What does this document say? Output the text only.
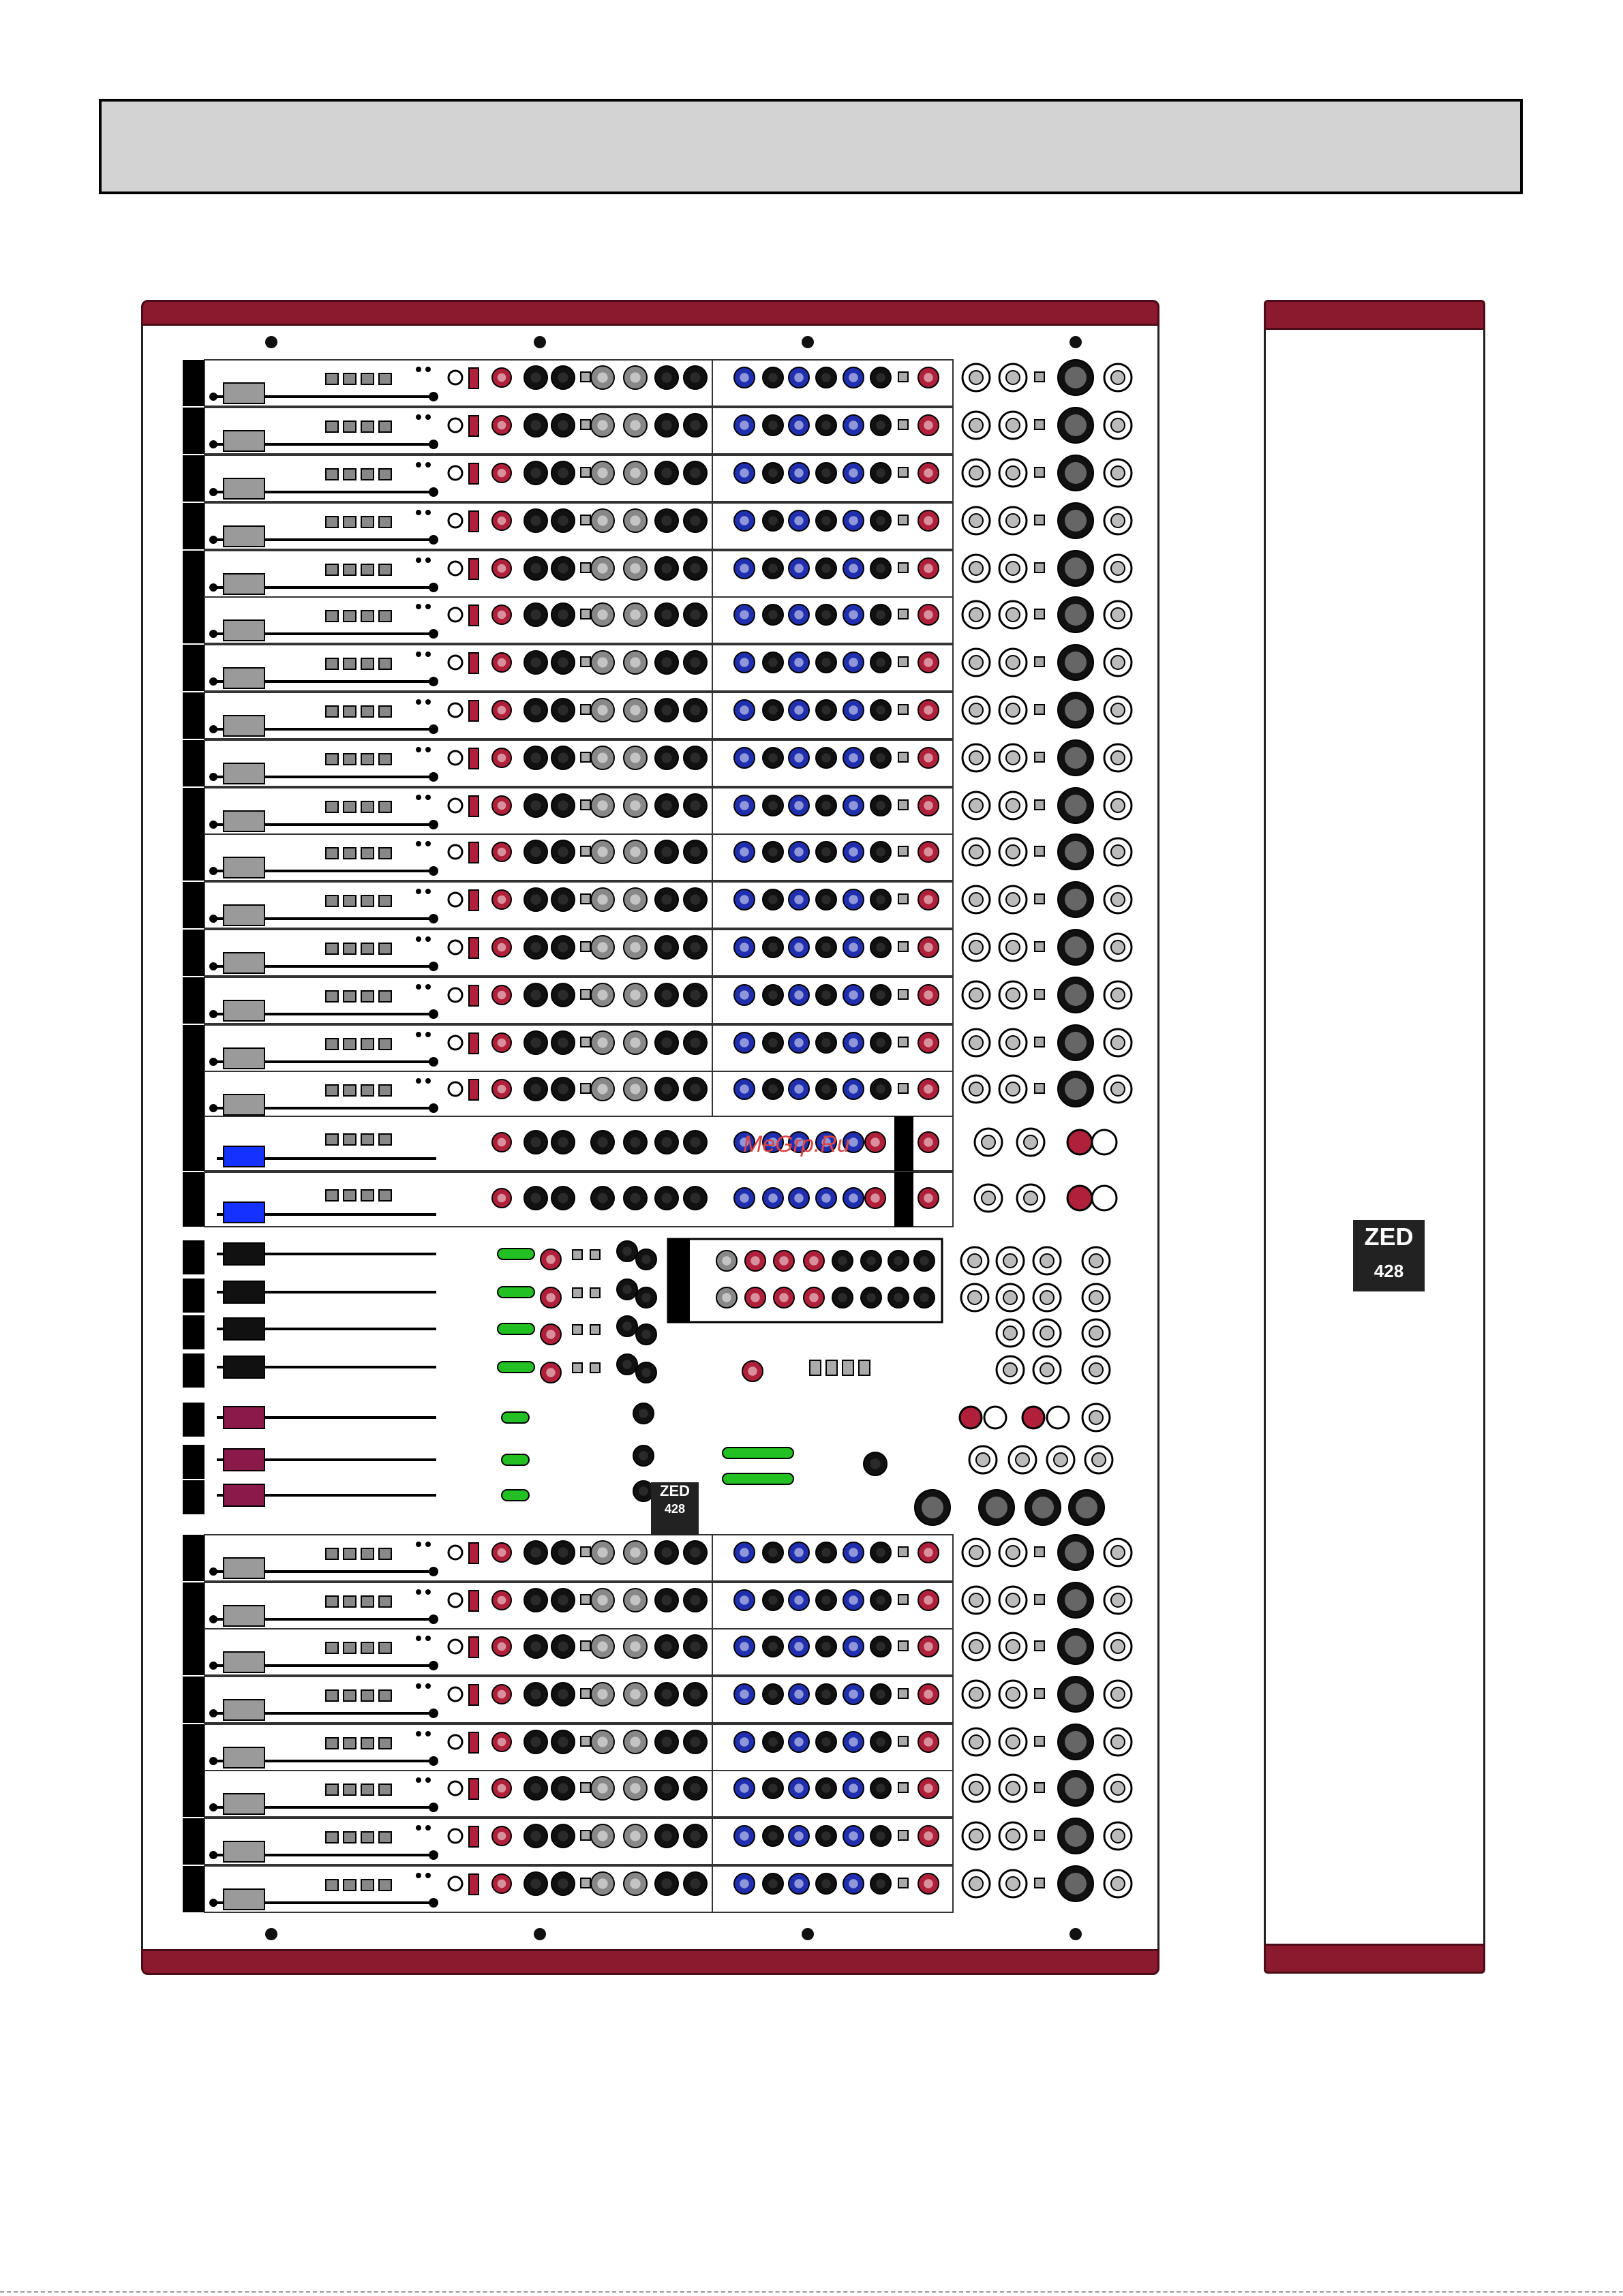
MeGrp.Ru
ZED
428
ZED
428
